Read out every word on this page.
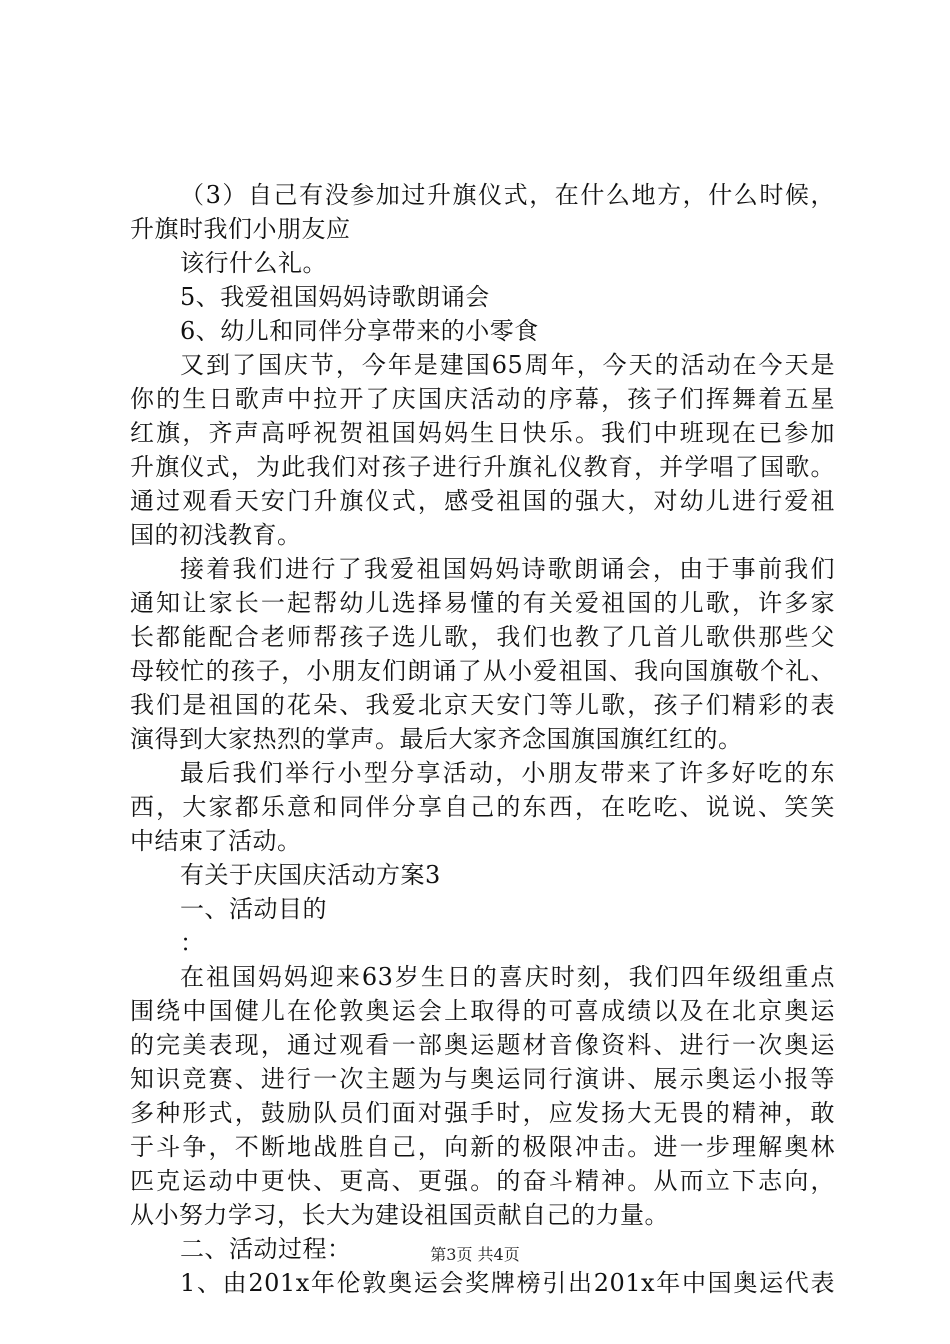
（3）自己有没参加过升旗仪式，在什么地方，什么时候，
升旗时我们小朋友应
该行什么礼。
5、我爱祖国妈妈诗歌朗诵会
6、幼儿和同伴分享带来的小零食
又到了国庆节，今年是建国65周年，今天的活动在今天是
你的生日歌声中拉开了庆国庆活动的序幕，孩子们挥舞着五星
红旗，齐声高呼祝贺祖国妈妈生日快乐。我们中班现在已参加
升旗仪式，为此我们对孩子进行升旗礼仪教育，并学唱了国歌。
通过观看天安门升旗仪式，感受祖国的强大，对幼儿进行爱祖
国的初浅教育。
接着我们进行了我爱祖国妈妈诗歌朗诵会，由于事前我们
通知让家长一起帮幼儿选择易懂的有关爱祖国的儿歌，许多家
长都能配合老师帮孩子选儿歌，我们也教了几首儿歌供那些父
母较忙的孩子，小朋友们朗诵了从小爱祖国、我向国旗敬个礼、
我们是祖国的花朵、我爱北京天安门等儿歌，孩子们精彩的表
演得到大家热烈的掌声。最后大家齐念国旗国旗红红的。
最后我们举行小型分享活动，小朋友带来了许多好吃的东
西，大家都乐意和同伴分享自己的东西，在吃吃、说说、笑笑
中结束了活动。
有关于庆国庆活动方案3
一、活动目的
：
在祖国妈妈迎来63岁生日的喜庆时刻，我们四年级组重点
围绕中国健儿在伦敦奥运会上取得的可喜成绩以及在北京奥运
的完美表现，通过观看一部奥运题材音像资料、进行一次奥运
知识竞赛、进行一次主题为与奥运同行演讲、展示奥运小报等
多种形式，鼓励队员们面对强手时，应发扬大无畏的精神，敢
于斗争，不断地战胜自己，向新的极限冲击。进一步理解奥林
匹克运动中更快、更高、更强。的奋斗精神。从而立下志向，
从小努力学习，长大为建设祖国贡献自己的力量。
二、活动过程：
1、由201x年伦敦奥运会奖牌榜引出201x年中国奥运代表
第3页 共4页
